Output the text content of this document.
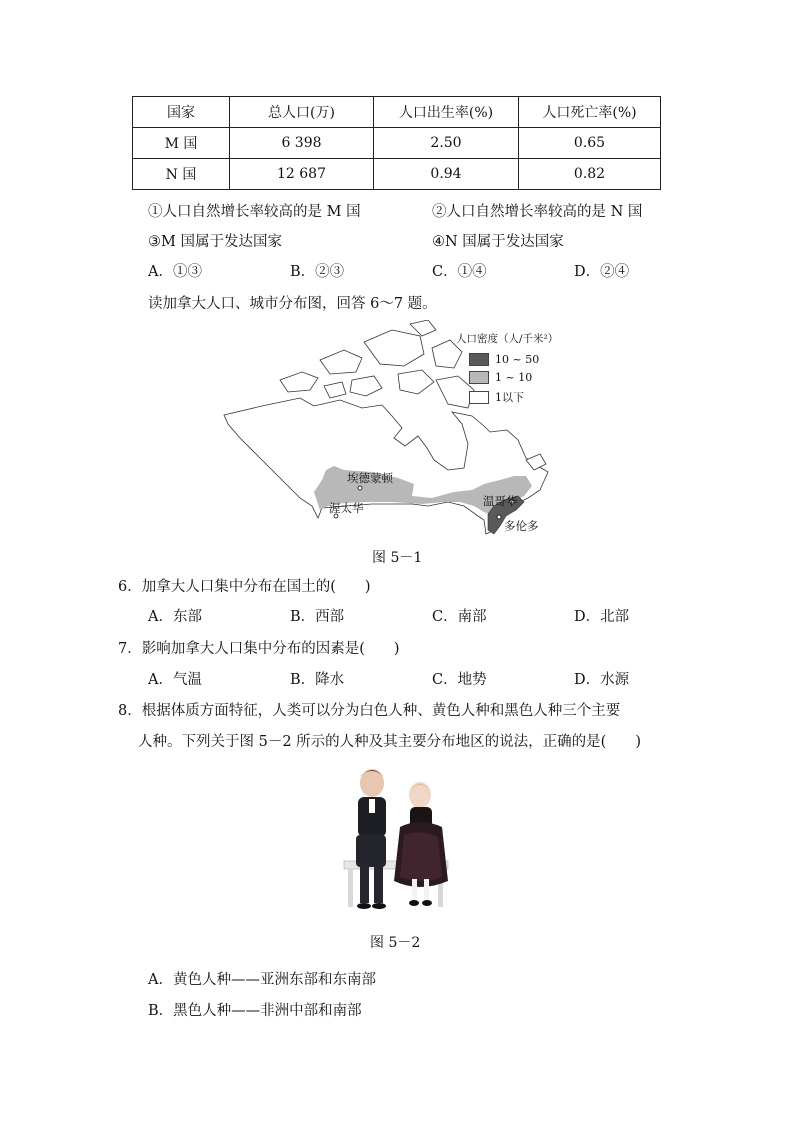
国家	总人口(万)	人口出生率(%)	人口死亡率(%)
M 国	6 398	2.50	0.65
N 国	12 687	0.94	0.82
①人口自然增长率较高的是 M 国	②人口自然增长率较高的是 N 国
③M 国属于发达国家	④N 国属于发达国家
A．①③	B．②③	C．①④	D．②④
读加拿大人口、城市分布图，回答 6～7 题。
人口密度（人/千米²）
10 ~ 50
1 ~ 10
1以下
埃德蒙顿
温哥华
渥太华
多伦多
图 5－1
6．加拿大人口集中分布在国土的(　　)
A．东部	B．西部	C．南部	D．北部
7．影响加拿大人口集中分布的因素是(　　)
A．气温	B．降水	C．地势	D．水源
8．根据体质方面特征，人类可以分为白色人种、黄色人种和黑色人种三个主要
人种。下列关于图 5－2 所示的人种及其主要分布地区的说法，正确的是(　　)
图 5－2
A．黄色人种——亚洲东部和东南部
B．黑色人种——非洲中部和南部
